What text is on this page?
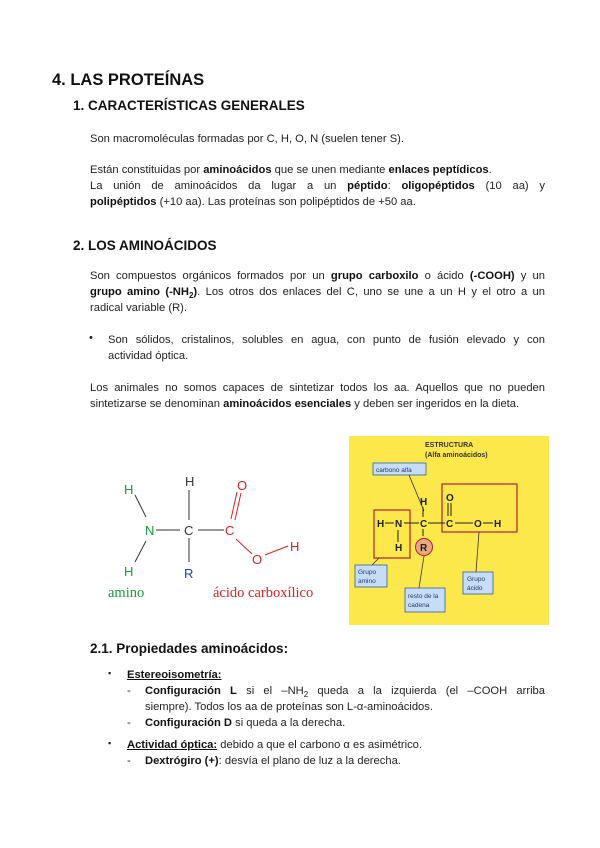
4. LAS PROTEÍNAS
1. CARACTERÍSTICAS GENERALES
Son macromoléculas formadas por C, H, O, N (suelen tener S).
Están constituidas por aminoácidos que se unen mediante enlaces peptídicos.
La unión de aminoácidos da lugar a un péptido: oligopéptidos (10 aa) y
polipéptidos (+10 aa). Las proteínas son polipéptidos de +50 aa.
2. LOS AMINOÁCIDOS
Son compuestos orgánicos formados por un grupo carboxilo o ácido (-COOH) y un
grupo amino $(-NH_2)$. Los otros dos enlaces del C, uno se une a un H y el otro a un
radical variable (R).
• Son sólidos, cristalinos, solubles en agua, con punto de fusión elevado y con
actividad óptica.
Los animales no somos capaces de sintetizar todos los aa. Aquellos que no pueden
sintetizarse se denominan aminoácidos esenciales y deben ser ingeridos en la dieta.
H
N
H
H
C
R
C
O
O
H
amino	ácido carboxílico
ESTRUCTURA
(Alfa aminoácidos)
carbono alfa
H N
H
C
O
C O H
H R
Grupo
amino
resto de la
cadena
Grupo
ácido
2.1. Propiedades aminoácidos:
▪ Estereoisometría:
- Configuración L si el $-NH_2$ queda a la izquierda (el –COOH arriba
siempre). Todos los aa de proteínas son L-α-aminoácidos.
- Configuración D si queda a la derecha.
▪ Actividad óptica: debido a que el carbono α es asimétrico.
- Dextrógiro (+): desvía el plano de luz a la derecha.
